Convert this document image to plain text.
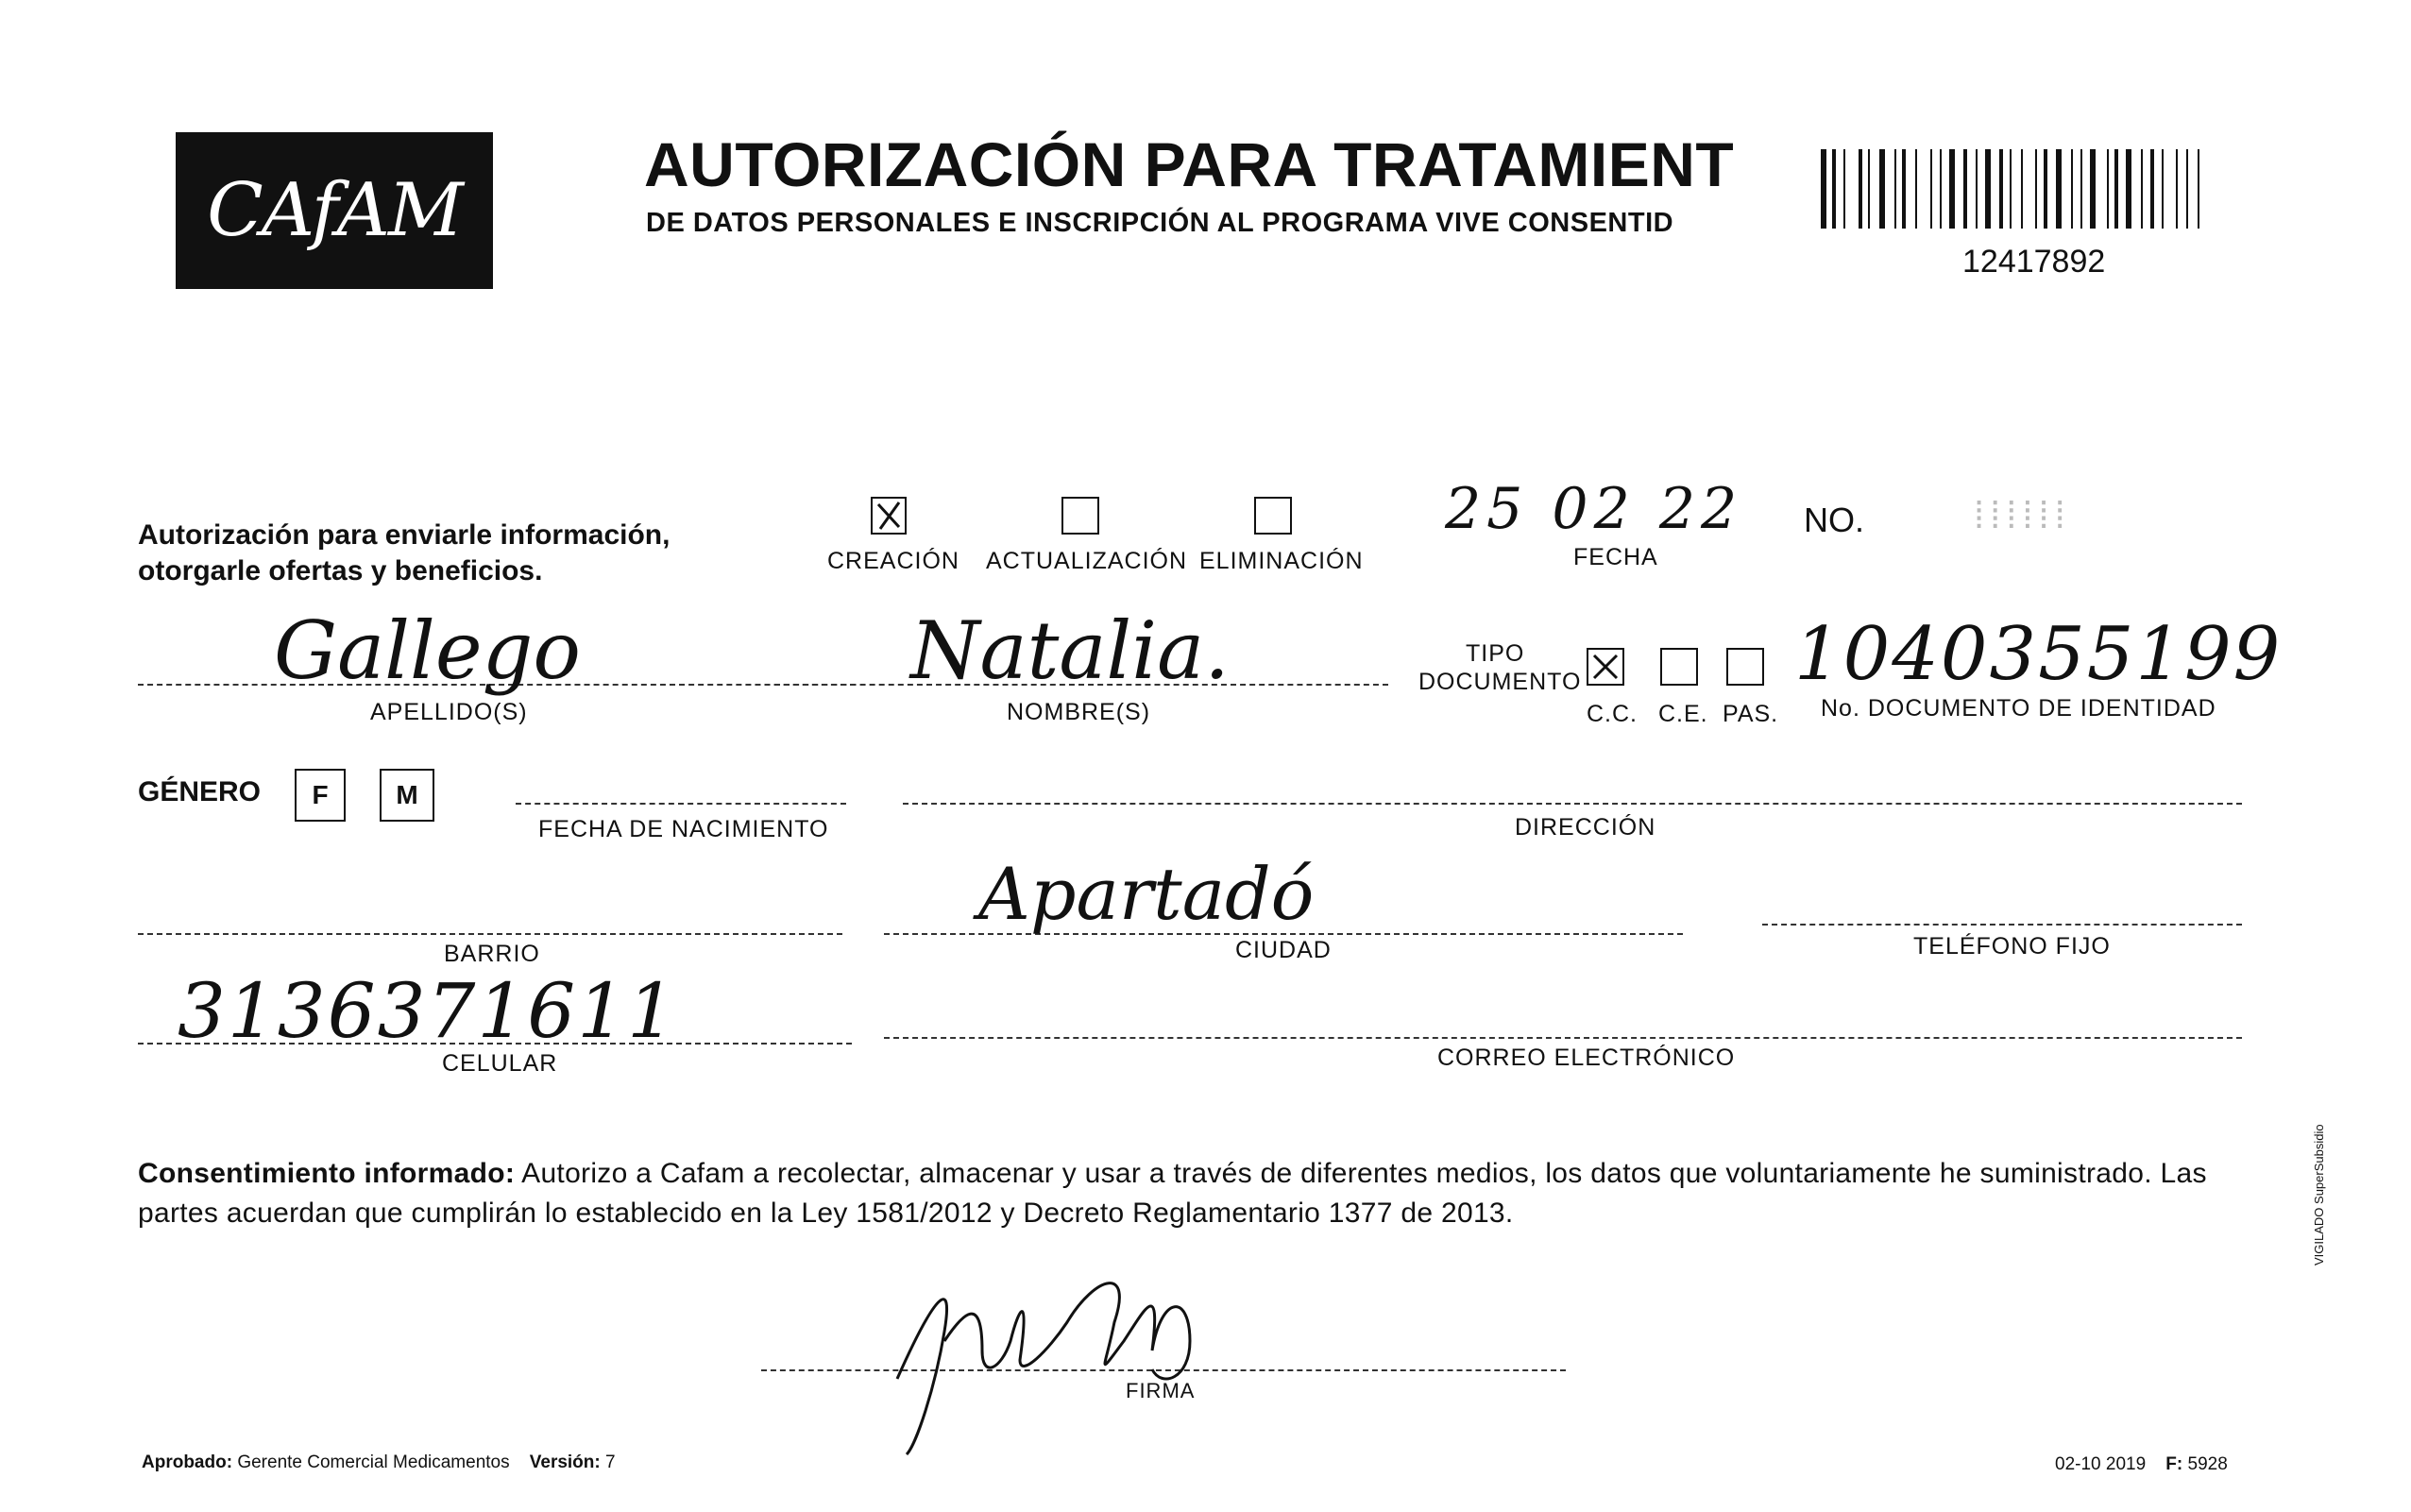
CAfAM
AUTORIZACIÓN PARA TRATAMIENT
DE DATOS PERSONALES E INSCRIPCIÓN AL PROGRAMA VIVE CONSENTID
12417892
Autorización para enviarle información,
otorgarle ofertas y beneficios.	CREACIÓN ACTUALIZACIÓN ELIMINACIÓN
25 02 22
FECHA
NO.	⁞⁞⁞⁞⁞⁞
Gallego
APELLIDO(S)
Natalia.
NOMBRE(S)
TIPO
DOCUMENTO
C.C. C.E. PAS.
1040355199
No. DOCUMENTO DE IDENTIDAD
GÉNERO	F	M
FECHA DE NACIMIENTO	DIRECCIÓN
BARRIO
Apartadó
CIUDAD	TELÉFONO FIJO
3136371611
CELULAR	CORREO ELECTRÓNICO
Consentimiento informado: Autorizo a Cafam a recolectar, almacenar y usar a través de diferentes medios, los datos que voluntariamente he suministrado. Las partes acuerdan que cumplirán lo establecido en la Ley 1581/2012 y Decreto Reglamentario 1377 de 2013.
FIRMA
Aprobado: Gerente Comercial Medicamentos Versión: 7	02-10 2019 F: 5928
VIGILADO SuperSubsidio
